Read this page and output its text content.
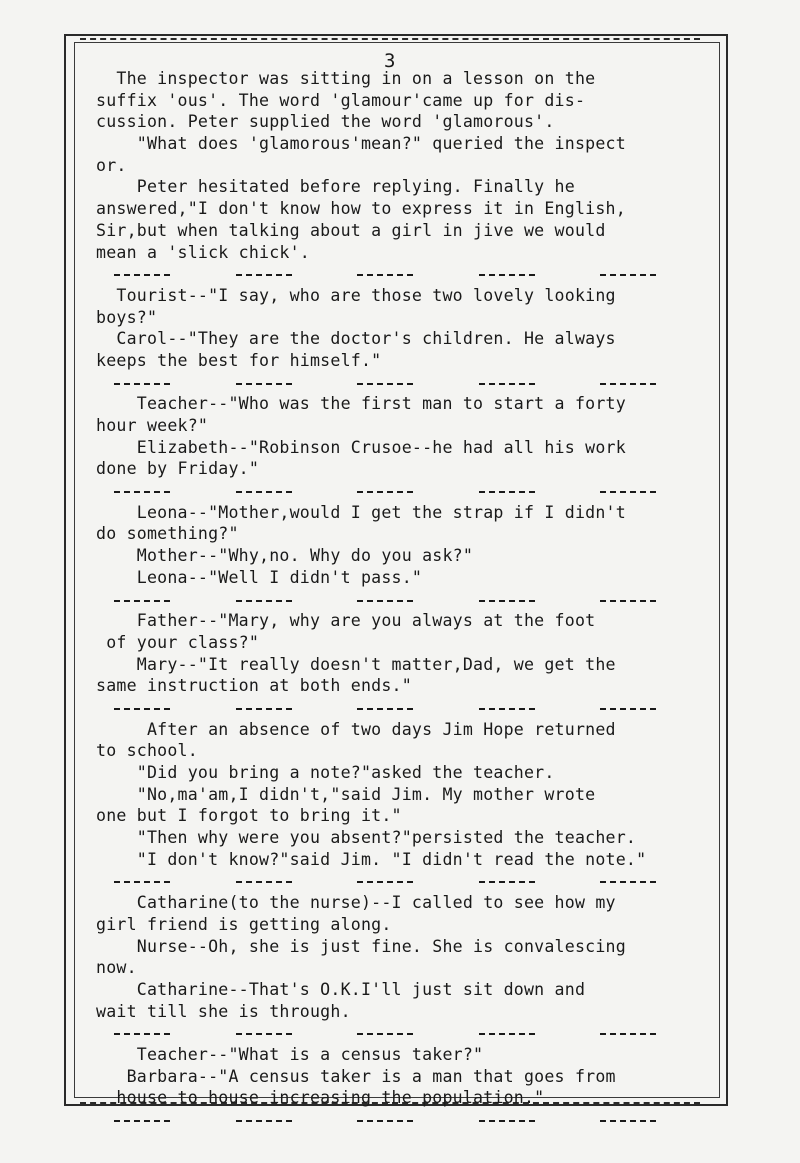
3
The inspector was sitting in on a lesson on the
suffix 'ous'. The word 'glamour'came up for dis-
cussion. Peter supplied the word 'glamorous'.
"What does 'glamorous'mean?" queried the inspect
or.
Peter hesitated before replying. Finally he
answered,"I don't know how to express it in English,
Sir,but when talking about a girl in jive we would
mean a 'slick chick'.
Tourist--"I say, who are those two lovely looking
boys?"
Carol--"They are the doctor's children. He always
keeps the best for himself."
Teacher--"Who was the first man to start a forty
hour week?"
Elizabeth--"Robinson Crusoe--he had all his work
done by Friday."
Leona--"Mother,would I get the strap if I didn't
do something?"
Mother--"Why,no. Why do you ask?"
Leona--"Well I didn't pass."
Father--"Mary, why are you always at the foot
of your class?"
Mary--"It really doesn't matter,Dad, we get the
same instruction at both ends."
After an absence of two days Jim Hope returned
to school.
"Did you bring a note?"asked the teacher.
"No,ma'am,I didn't,"said Jim. My mother wrote
one but I forgot to bring it."
"Then why were you absent?"persisted the teacher.
"I don't know?"said Jim. "I didn't read the note."
Catharine(to the nurse)--I called to see how my
girl friend is getting along.
Nurse--Oh, she is just fine. She is convalescing
now.
Catharine--That's O.K.I'll just sit down and
wait till she is through.
Teacher--"What is a census taker?"
Barbara--"A census taker is a man that goes from
house to house increasing the population."
